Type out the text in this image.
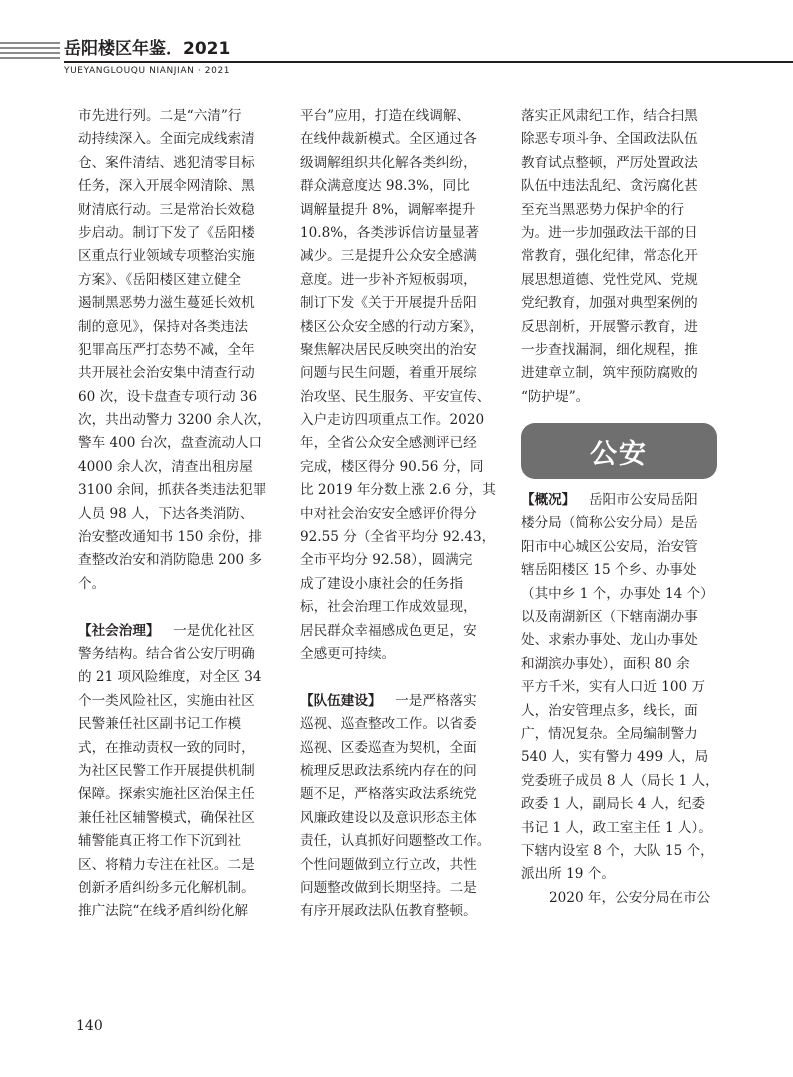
岳阳楼区年鉴．2021
YUEYANGLOUQU NIANJIAN · 2021
市先进行列。二是“六清”行
动持续深入。全面完成线索清
仓、案件清结、逃犯清零目标
任务，深入开展伞网清除、黑
财清底行动。三是常治长效稳
步启动。制订下发了《岳阳楼
区重点行业领域专项整治实施
方案》、《岳阳楼区建立健全
遏制黑恶势力滋生蔓延长效机
制的意见》，保持对各类违法
犯罪高压严打态势不减，全年
共开展社会治安集中清查行动
60 次，设卡盘查专项行动 36
次，共出动警力 3200 余人次，
警车 400 台次，盘查流动人口
4000 余人次，清查出租房屋
3100 余间，抓获各类违法犯罪
人员 98 人，下达各类消防、
治安整改通知书 150 余份，排
查整改治安和消防隐患 200 多
个。
【社会治理】  一是优化社区
警务结构。结合省公安厅明确
的 21 项风险维度，对全区 34
个一类风险社区，实施由社区
民警兼任社区副书记工作模
式，在推动责权一致的同时，
为社区民警工作开展提供机制
保障。探索实施社区治保主任
兼任社区辅警模式，确保社区
辅警能真正将工作下沉到社
区、将精力专注在社区。二是
创新矛盾纠纷多元化解机制。
推广法院“在线矛盾纠纷化解
平台”应用，打造在线调解、
在线仲裁新模式。全区通过各
级调解组织共化解各类纠纷，
群众满意度达 98.3%，同比
调解量提升 8%，调解率提升
10.8%，各类涉诉信访量显著
减少。三是提升公众安全感满
意度。进一步补齐短板弱项，
制订下发《关于开展提升岳阳
楼区公众安全感的行动方案》，
聚焦解决居民反映突出的治安
问题与民生问题，着重开展综
治攻坚、民生服务、平安宣传、
入户走访四项重点工作。2020
年，全省公众安全感测评已经
完成，楼区得分 90.56 分，同
比 2019 年分数上涨 2.6 分，其
中对社会治安安全感评价得分
92.55 分（全省平均分 92.43，
全市平均分 92.58），圆满完
成了建设小康社会的任务指
标，社会治理工作成效显现，
居民群众幸福感成色更足，安
全感更可持续。
【队伍建设】  一是严格落实
巡视、巡查整改工作。以省委
巡视、区委巡查为契机，全面
梳理反思政法系统内存在的问
题不足，严格落实政法系统党
风廉政建设以及意识形态主体
责任，认真抓好问题整改工作。
个性问题做到立行立改，共性
问题整改做到长期坚持。二是
有序开展政法队伍教育整顿。
落实正风肃纪工作，结合扫黑
除恶专项斗争、全国政法队伍
教育试点整顿，严厉处置政法
队伍中违法乱纪、贪污腐化甚
至充当黑恶势力保护伞的行
为。进一步加强政法干部的日
常教育，强化纪律，常态化开
展思想道德、党性党风、党规
党纪教育，加强对典型案例的
反思剖析，开展警示教育，进
一步查找漏洞，细化规程，推
进建章立制，筑牢预防腐败的
“防护堤”。
公安
【概况】  岳阳市公安局岳阳
楼分局（简称公安分局）是岳
阳市中心城区公安局，治安管
辖岳阳楼区 15 个乡、办事处
（其中乡 1 个，办事处 14 个）
以及南湖新区（下辖南湖办事
处、求索办事处、龙山办事处
和湖滨办事处），面积 80 余
平方千米，实有人口近 100 万
人，治安管理点多，线长，面
广，情况复杂。全局编制警力
540 人，实有警力 499 人，局
党委班子成员 8 人（局长 1 人，
政委 1 人，副局长 4 人，纪委
书记 1 人，政工室主任 1 人）。
下辖内设室 8 个，大队 15 个，
派出所 19 个。
2020 年，公安分局在市公
140
